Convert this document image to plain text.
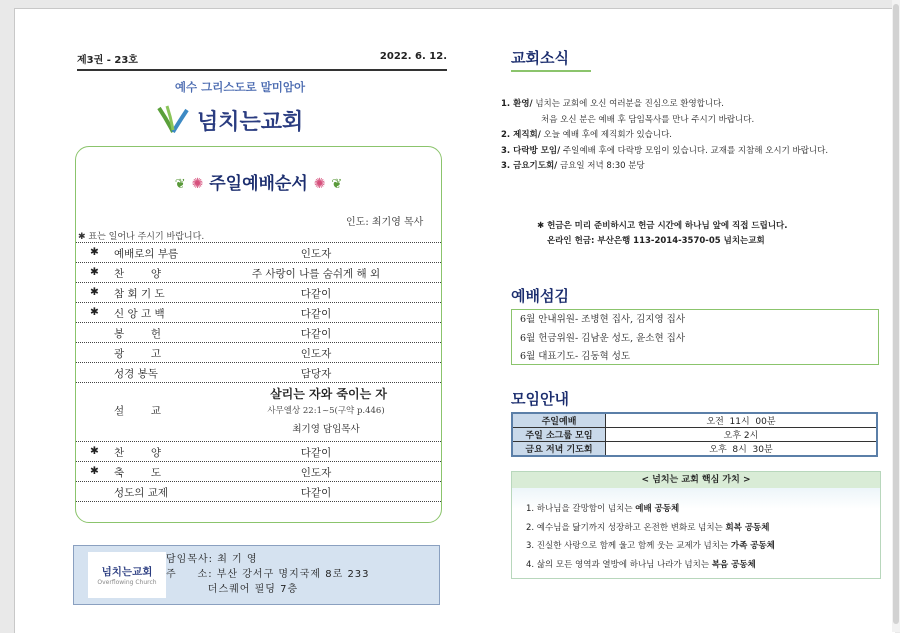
제3권 - 23호	2022. 6. 12.
예수 그리스도로 말미암아
넘치는교회
❦ ✺ 주일예배순서 ✺ ❦
인도: 최기영 목사
✱ 표는 일어나 주시기 바랍니다.
✱ 예배로의 부름	인도자
✱ 찬        양	주 사랑이 나를 숨쉬게 해 외
✱ 참 회 기 도	다같이
✱ 신 앙 고 백	다같이
봉        헌	다같이
광        고	인도자
성경 봉독	담당자
설        교
살리는 자와 죽이는 자
사무엘상 22:1~5(구약 p.446)
최기영 담임목사
✱ 찬        양	다같이
✱ 축        도	인도자
성도의 교제	다같이
넘치는교회
Overflowing Church
담임목사: 최 기 영
주     소: 부산 강서구 명지국제 8로 233
더스퀘어 필딩 7층
교회소식
1. 환영/ 넘치는 교회에 오신 여러분을 진심으로 환영합니다.
처음 오신 분은 예배 후 담임목사를 만나 주시기 바랍니다.
2. 제직회/ 오늘 예배 후에 제직회가 있습니다.
3. 다락방 모임/ 주일예배 후에 다락방 모임이 있습니다. 교재를 지참해 오시기 바랍니다.
3. 금요기도회/ 금요일 저녁 8:30 분당
✱ 헌금은 미리 준비하시고 헌금 시간에 하나님 앞에 직접 드립니다.
온라인 헌금: 부산은행 113-2014-3570-05 넘치는교회
예배섬김
6월 안내위원- 조병현 집사, 김지영 집사
6월 헌금위원- 김남운 성도, 윤소현 집사
6월 대표기도- 김동혁 성도
모임안내
주일예배	오전  11시  00분
주일 소그룹 모임	오후 2시
금요 저녁 기도회	오후  8시  30분
< 넘치는 교회 핵심 가치 >
1. 하나님을 갈망함이 넘치는 예배 공동체
2. 예수님을 닮기까지 성장하고 온전한 변화로 넘치는 회복 공동체
3. 진실한 사랑으로 함께 울고 함께 웃는 교제가 넘치는 가족 공동체
4. 삶의 모든 영역과 열방에 하나님 나라가 넘치는 복음 공동체
